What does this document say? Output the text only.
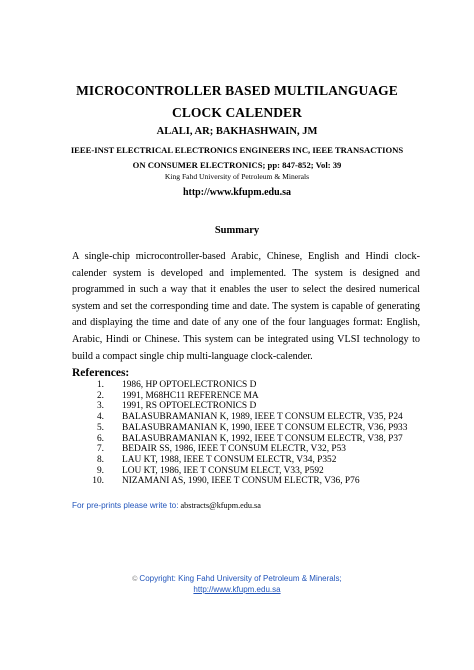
MICROCONTROLLER BASED MULTILANGUAGE CLOCK CALENDER
ALALI, AR; BAKHASHWAIN, JM
IEEE-INST ELECTRICAL ELECTRONICS ENGINEERS INC, IEEE TRANSACTIONS ON CONSUMER ELECTRONICS; pp: 847-852; Vol: 39
King Fahd University of Petroleum & Minerals
http://www.kfupm.edu.sa
Summary

A single-chip microcontroller-based Arabic, Chinese, English and Hindi clock-calender system is developed and implemented. The system is designed and programmed in such a way that it enables the user to select the desired numerical system and set the corresponding time and date. The system is capable of generating and displaying the time and date of any one of the four languages format: English, Arabic, Hindi or Chinese. This system can be integrated using VLSI technology to build a compact single chip multi-language clock-calender.

References:
1. 1986, HP OPTOELECTRONICS D
2. 1991, M68HC11 REFERENCE MA
3. 1991, RS OPTOELECTRONICS D
4. BALASUBRAMANIAN K, 1989, IEEE T CONSUM ELECTR, V35, P24
5. BALASUBRAMANIAN K, 1990, IEEE T CONSUM ELECTR, V36, P933
6. BALASUBRAMANIAN K, 1992, IEEE T CONSUM ELECTR, V38, P37
7. BEDAIR SS, 1986, IEEE T CONSUM ELECTR, V32, P53
8. LAU KT, 1988, IEEE T CONSUM ELECTR, V34, P352
9. LOU KT, 1986, IEE T CONSUM ELECT, V33, P592
10. NIZAMANI AS, 1990, IEEE T CONSUM ELECTR, V36, P76
For pre-prints please write to: abstracts@kfupm.edu.sa
© Copyright: King Fahd University of Petroleum & Minerals;
http://www.kfupm.edu.sa
